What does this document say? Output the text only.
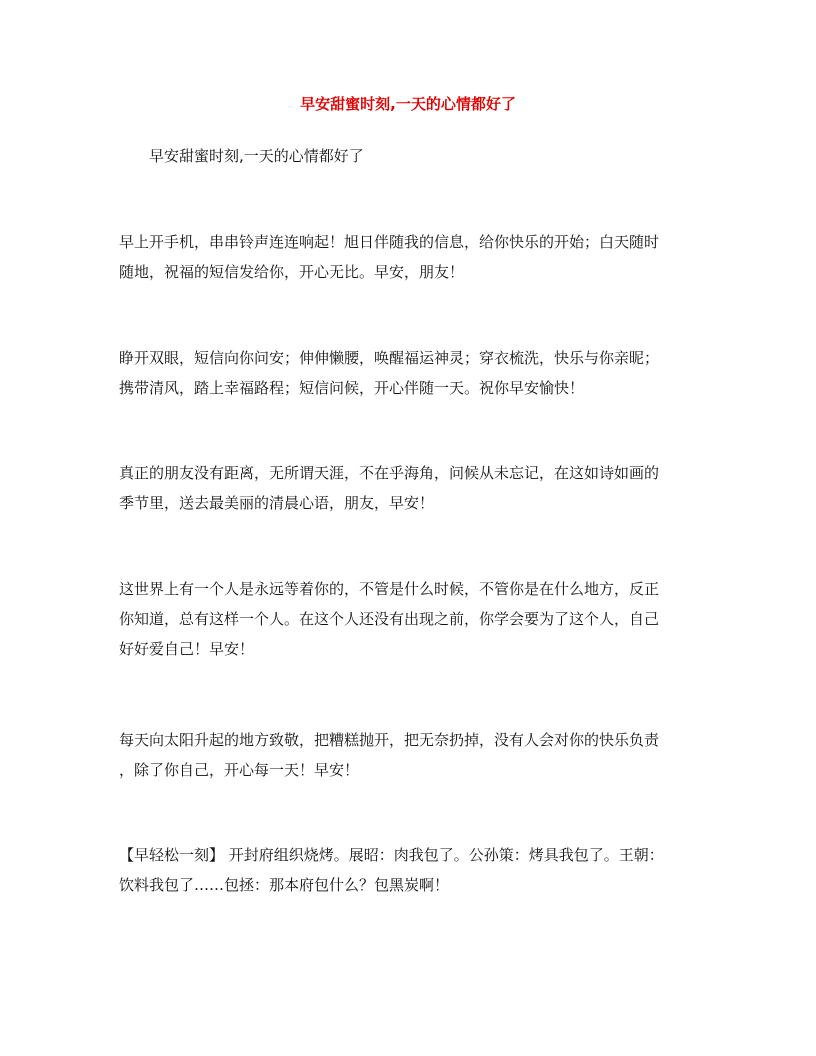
早安甜蜜时刻,一天的心情都好了
早安甜蜜时刻,一天的心情都好了

早上开手机，串串铃声连连响起！旭日伴随我的信息，给你快乐的开始；白天随时
随地，祝福的短信发给你，开心无比。早安，朋友！

睁开双眼，短信向你问安；伸伸懒腰，唤醒福运神灵；穿衣梳洗，快乐与你亲昵；
携带清风，踏上幸福路程；短信问候，开心伴随一天。祝你早安愉快！

真正的朋友没有距离，无所谓天涯，不在乎海角，问候从未忘记，在这如诗如画的
季节里，送去最美丽的清晨心语，朋友，早安！

这世界上有一个人是永远等着你的，不管是什么时候，不管你是在什么地方，反正
你知道，总有这样一个人。在这个人还没有出现之前，你学会要为了这个人，自己
好好爱自己！早安！

每天向太阳升起的地方致敬，把糟糕抛开，把无奈扔掉，没有人会对你的快乐负责
，除了你自己，开心每一天！早安！

【早轻松一刻】 开封府组织烧烤。展昭：肉我包了。公孙策：烤具我包了。王朝：
饮料我包了……包拯：那本府包什么？包黑炭啊！
